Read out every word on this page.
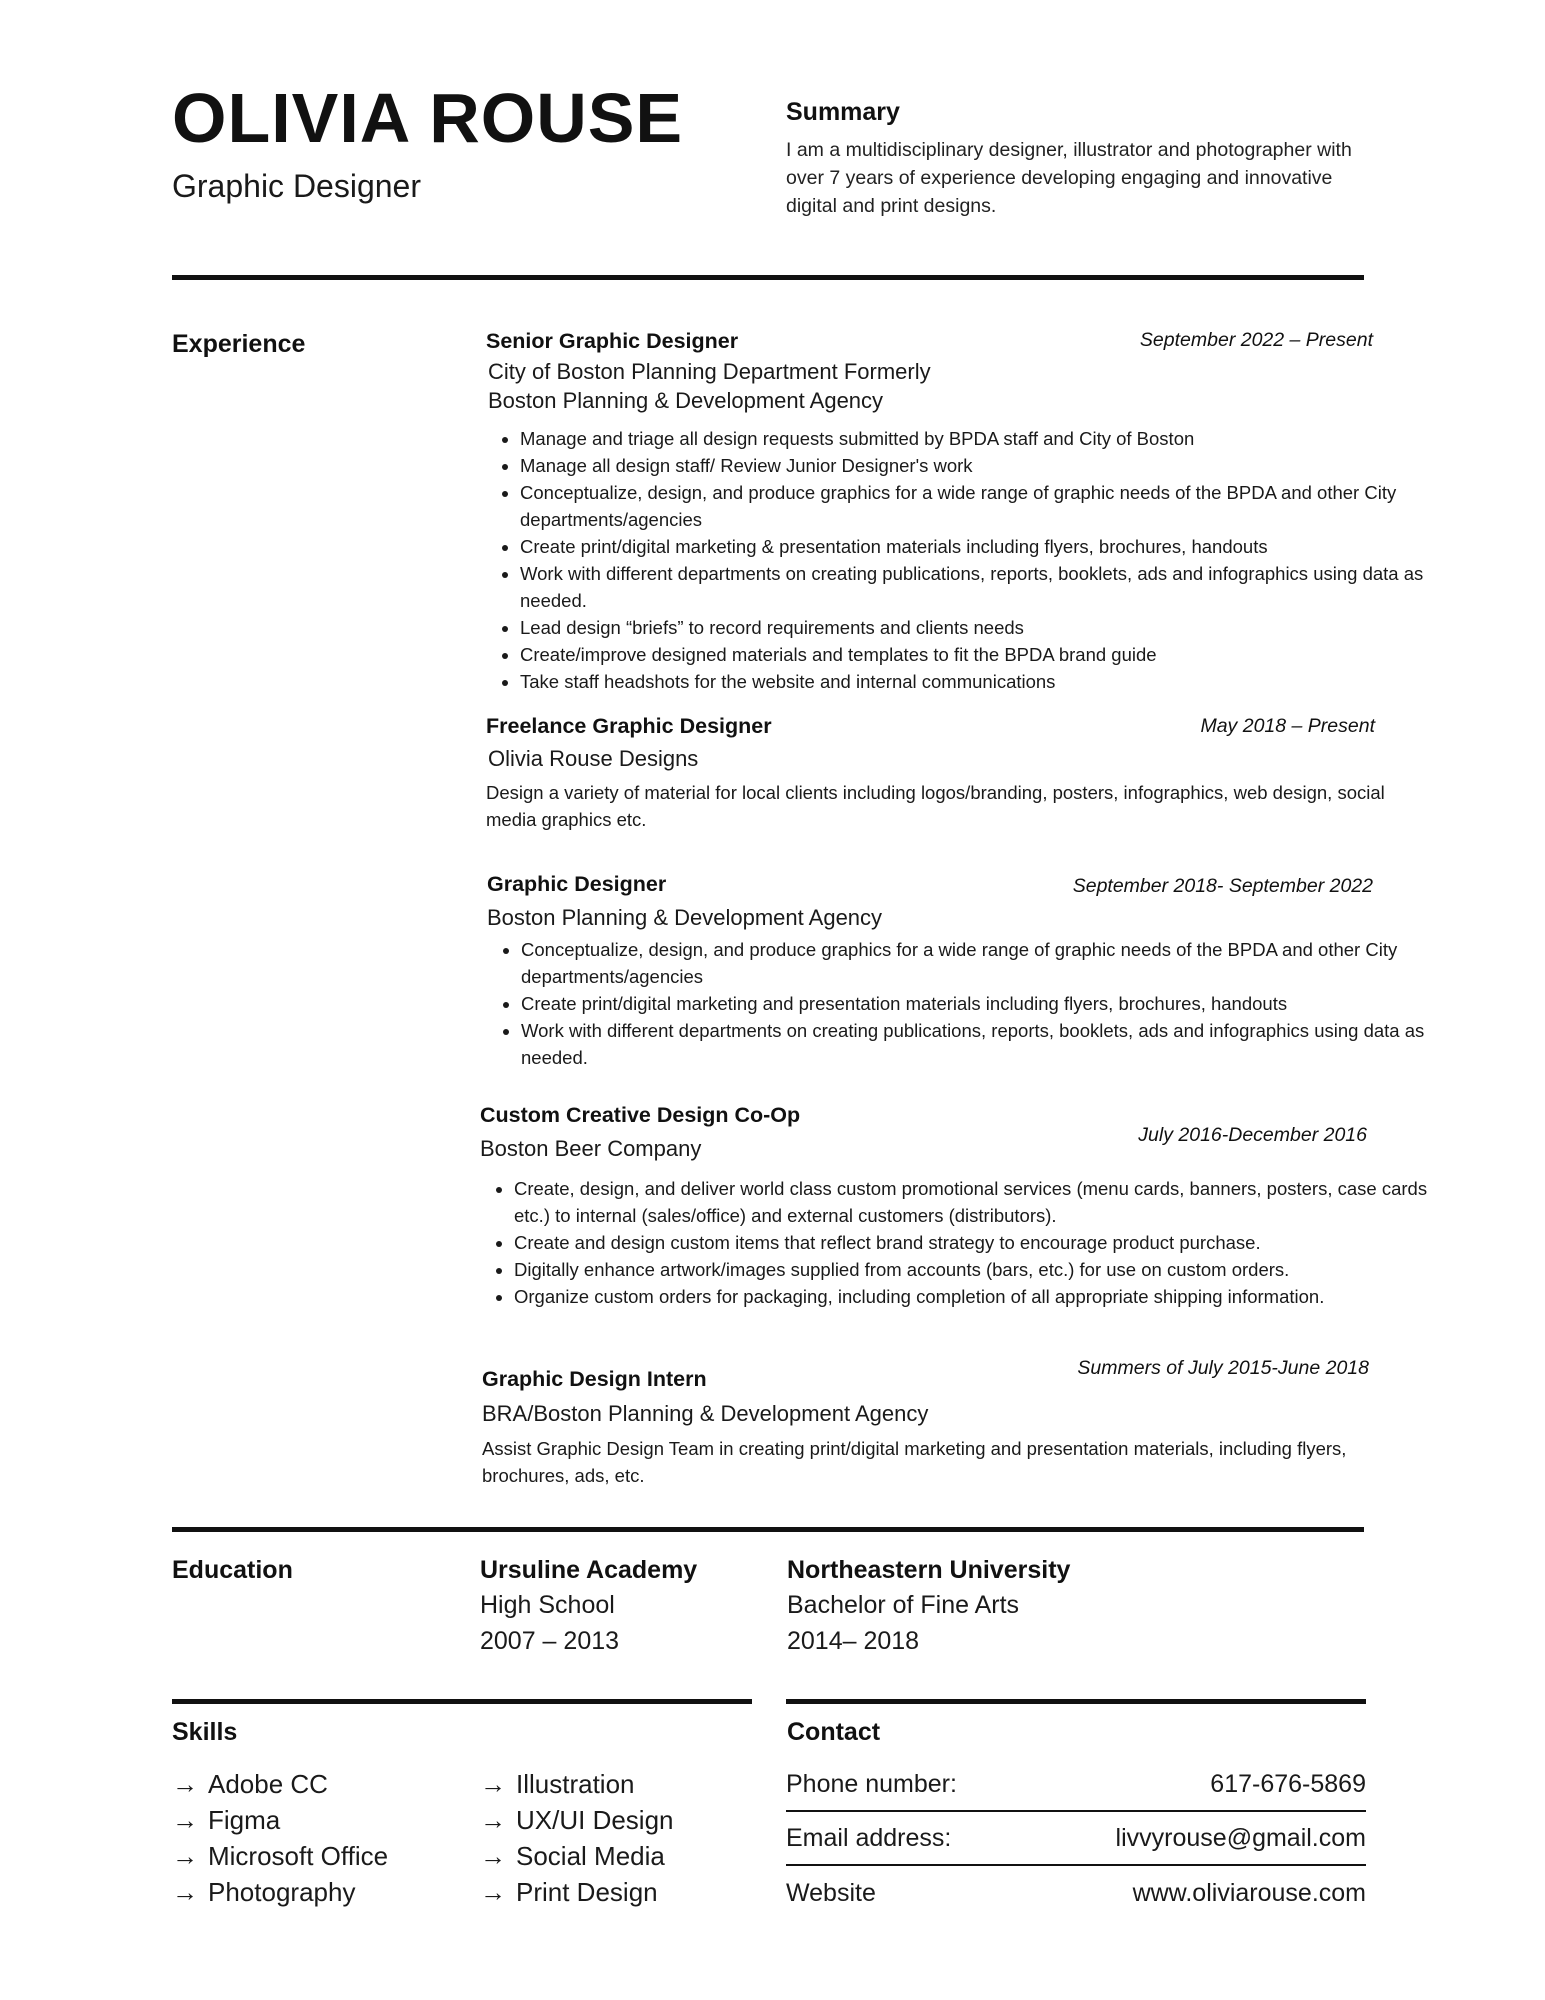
OLIVIA ROUSE
Graphic Designer
Summary
I am a multidisciplinary designer, illustrator and photographer with over 7 years of experience developing engaging and innovative digital and print designs.
Experience	Senior Graphic Designer	September 2022 – Present
City of Boston Planning Department Formerly
Boston Planning & Development Agency
• Manage and triage all design requests submitted by BPDA staff and City of Boston
• Manage all design staff/ Review Junior Designer's work
• Conceptualize, design, and produce graphics for a wide range of graphic needs of the BPDA and other City departments/agencies
• Create print/digital marketing & presentation materials including flyers, brochures, handouts
• Work with different departments on creating publications, reports, booklets, ads and infographics using data as needed.
• Lead design “briefs” to record requirements and clients needs
• Create/improve designed materials and templates to fit the BPDA brand guide
• Take staff headshots for the website and internal communications
Freelance Graphic Designer	May 2018 – Present
Olivia Rouse Designs
Design a variety of material for local clients including logos/branding, posters, infographics, web design, social media graphics etc.
Graphic Designer	September 2018- September 2022
Boston Planning & Development Agency
• Conceptualize, design, and produce graphics for a wide range of graphic needs of the BPDA and other City departments/agencies
• Create print/digital marketing and presentation materials including flyers, brochures, handouts
• Work with different departments on creating publications, reports, booklets, ads and infographics using data as needed.
Custom Creative Design Co-Op
July 2016-December 2016
Boston Beer Company
• Create, design, and deliver world class custom promotional services (menu cards, banners, posters, case cards etc.) to internal (sales/office) and external customers (distributors).
• Create and design custom items that reflect brand strategy to encourage product purchase.
• Digitally enhance artwork/images supplied from accounts (bars, etc.) for use on custom orders.
• Organize custom orders for packaging, including completion of all appropriate shipping information.
Graphic Design Intern	Summers of July 2015-June 2018
BRA/Boston Planning & Development Agency
Assist Graphic Design Team in creating print/digital marketing and presentation materials, including flyers, brochures, ads, etc.
Education	Ursuline Academy
High School
2007 – 2013
Northeastern University
Bachelor of Fine Arts
2014– 2018
Skills
→ Adobe CC
→ Figma
→ Microsoft Office
→ Photography
→ Illustration
→ UX/UI Design
→ Social Media
→ Print Design
Contact
Phone number:	617-676-5869
Email address:	livvyrouse@gmail.com
Website	www.oliviarouse.com
